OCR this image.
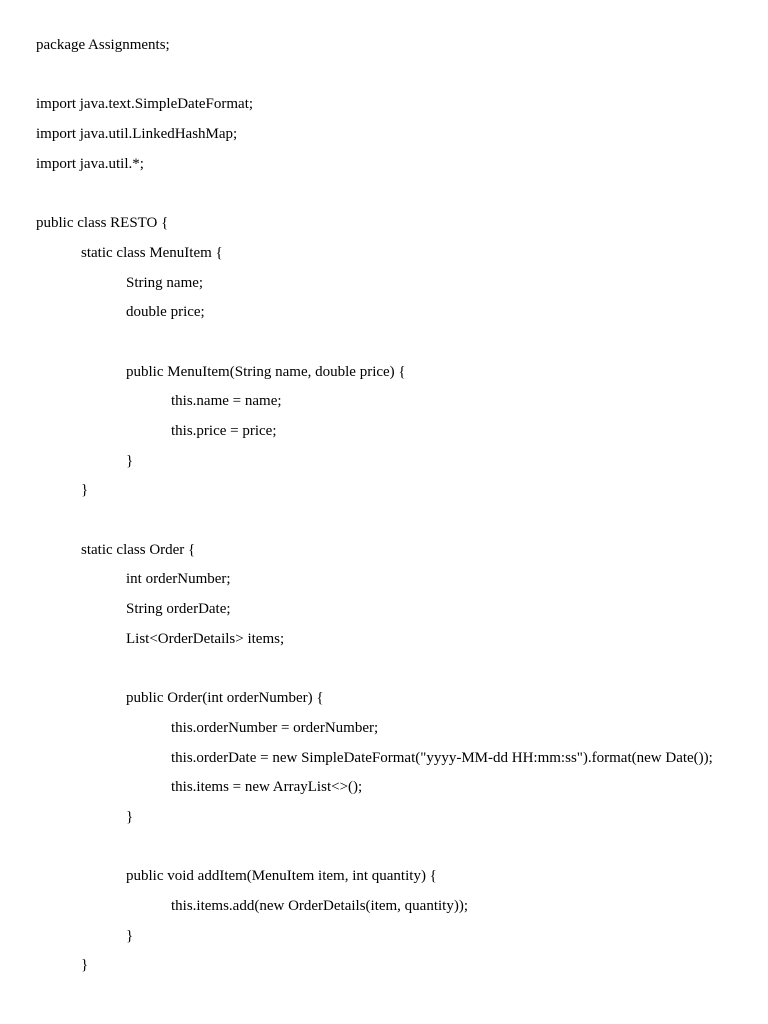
package Assignments;
import java.text.SimpleDateFormat;
import java.util.LinkedHashMap;
import java.util.*;
public class RESTO {
static class MenuItem {
String name;
double price;
public MenuItem(String name, double price) {
this.name = name;
this.price = price;
}
}
static class Order {
int orderNumber;
String orderDate;
List<OrderDetails> items;
public Order(int orderNumber) {
this.orderNumber = orderNumber;
this.orderDate = new SimpleDateFormat("yyyy-MM-dd HH:mm:ss").format(new Date());
this.items = new ArrayList<>();
}
public void addItem(MenuItem item, int quantity) {
this.items.add(new OrderDetails(item, quantity));
}
}
